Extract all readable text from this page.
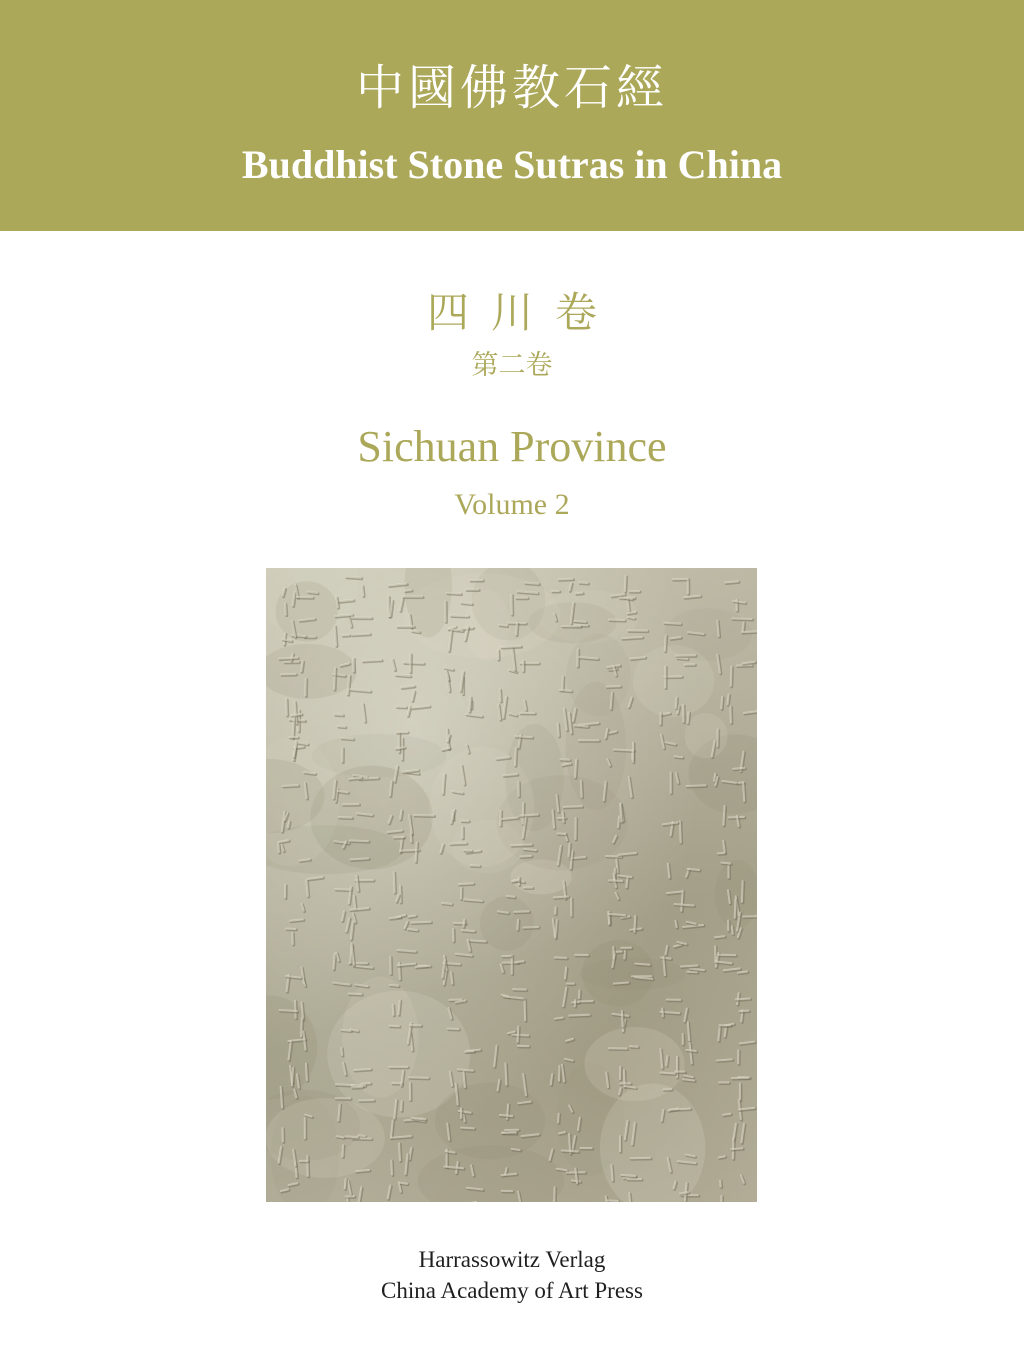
中國佛教石經
Buddhist Stone Sutras in China
四川卷
第二卷
Sichuan Province
Volume 2
Harrassowitz Verlag
China Academy of Art Press
